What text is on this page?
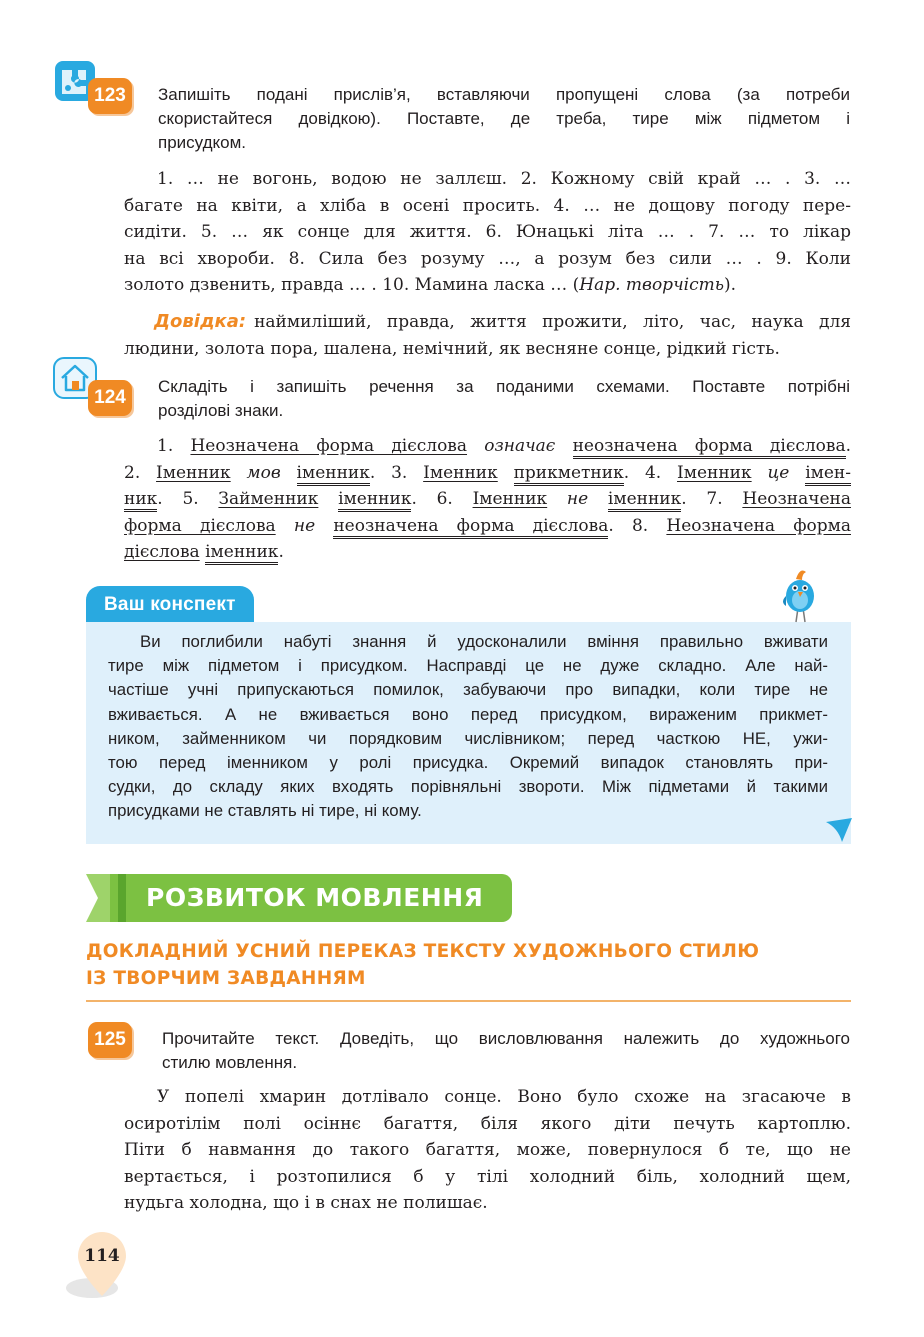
123	Запишіть подані прислів’я, вставляючи пропущені слова (за потреби
скористайтеся довідкою). Поставте, де треба, тире між підметом і
присудком.
1. … не вогонь, водою не заллєш. 2. Кожному свій край … . 3. …
багате на квіти, а хліба в осені просить. 4. … не дощову погоду пере-
сидіти. 5. … як сонце для життя. 6. Юнацькі літа … . 7. … то лікар
на всі хвороби. 8. Сила без розуму …, а розум без сили … . 9. Коли
золото дзвенить, правда … . 10. Мамина ласка … (Нар. творчість).
Довідка: наймиліший, правда, життя прожити, літо, час, наука для
людини, золота пора, шалена, немічний, як весняне сонце, рідкий гість.
124
Складіть і запишіть речення за поданими схемами. Поставте потрібні
розділові знаки.
1. Неозначена форма дієслова означає неозначена форма дієслова.
2. Іменник мов іменник. 3. Іменник прикметник. 4. Іменник це імен-
ник. 5. Займенник іменник. 6. Іменник не іменник. 7. Неозначена
форма дієслова не неозначена форма дієслова. 8. Неозначена форма
дієслова іменник.
Ваш конспект
Ви поглибили набуті знання й удосконалили вміння правильно вживати
тире між підметом і присудком. Насправді це не дуже складно. Але най-
частіше учні припускаються помилок, забуваючи про випадки, коли тире не
вживається. А не вживається воно перед присудком, вираженим прикмет-
ником, займенником чи порядковим числівником; перед часткою НЕ, ужи-
тою перед іменником у ролі присудка. Окремий випадок становлять при-
судки, до складу яких входять порівняльні звороти. Між підметами й такими
присудками не ставлять ні тире, ні кому.
РОЗВИТОК МОВЛЕННЯ
ДОКЛАДНИЙ УСНИЙ ПЕРЕКАЗ ТЕКСТУ ХУДОЖНЬОГО СТИЛЮ
ІЗ ТВОРЧИМ ЗАВДАННЯМ
125	Прочитайте текст. Доведіть, що висловлювання належить до художнього
стилю мовлення.
У попелі хмарин дотлівало сонце. Воно було схоже на згасаюче в
осиротілім полі осіннє багаття, біля якого діти печуть картоплю.
Піти б навмання до такого багаття, може, повернулося б те, що не
вертається, і розтопилися б у тілі холодний біль, холодний щем,
нудьга холодна, що і в снах не полишає.
114
